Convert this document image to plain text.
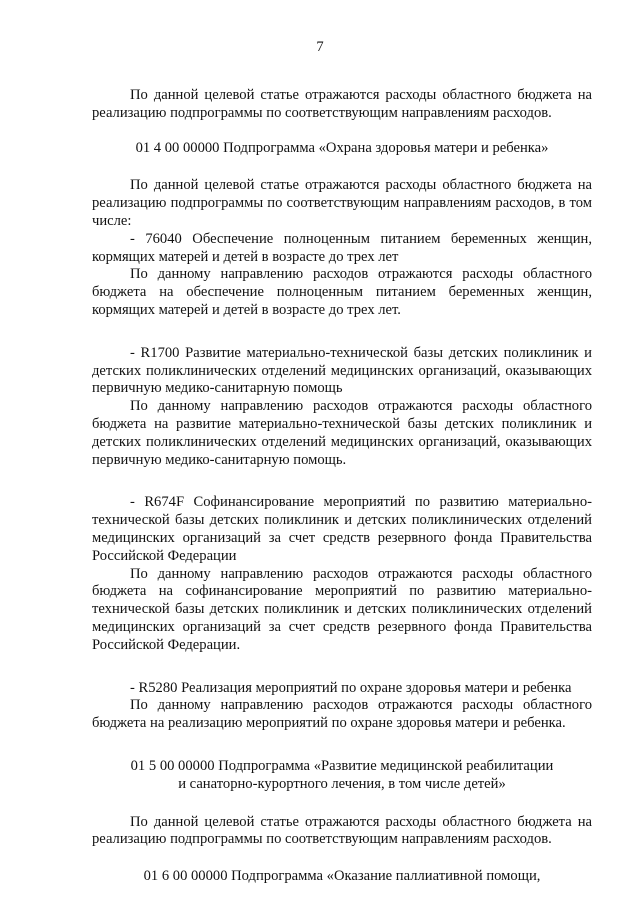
7

По данной целевой статье отражаются расходы областного бюджета на реализацию подпрограммы по соответствующим направлениям расходов.

01 4 00 00000 Подпрограмма «Охрана здоровья матери и ребенка»

По данной целевой статье отражаются расходы областного бюджета на реализацию подпрограммы по соответствующим направлениям расходов, в том числе:

- 76040 Обеспечение полноценным питанием беременных женщин, кормящих матерей и детей в возрасте до трех лет

По данному направлению расходов отражаются расходы областного бюджета на обеспечение полноценным питанием беременных женщин, кормящих матерей и детей в возрасте до трех лет.

- R1700 Развитие материально-технической базы детских поликлиник и детских поликлинических отделений медицинских организаций, оказывающих первичную медико-санитарную помощь

По данному направлению расходов отражаются расходы областного бюджета на развитие материально-технической базы детских поликлиник и детских поликлинических отделений медицинских организаций, оказывающих первичную медико-санитарную помощь.

- R674F Софинансирование мероприятий по развитию материально-технической базы детских поликлиник и детских поликлинических отделений медицинских организаций за счет средств резервного фонда Правительства Российской Федерации

По данному направлению расходов отражаются расходы областного бюджета на софинансирование мероприятий по развитию материально-технической базы детских поликлиник и детских поликлинических отделений медицинских организаций за счет средств резервного фонда Правительства Российской Федерации.

- R5280 Реализация мероприятий по охране здоровья матери и ребенка

По данному направлению расходов отражаются расходы областного бюджета на реализацию мероприятий по охране здоровья матери и ребенка.

01 5 00 00000 Подпрограмма «Развитие медицинской реабилитации

и санаторно-курортного лечения, в том числе детей»

По данной целевой статье отражаются расходы областного бюджета на реализацию подпрограммы по соответствующим направлениям расходов.

01 6 00 00000 Подпрограмма «Оказание паллиативной помощи,
